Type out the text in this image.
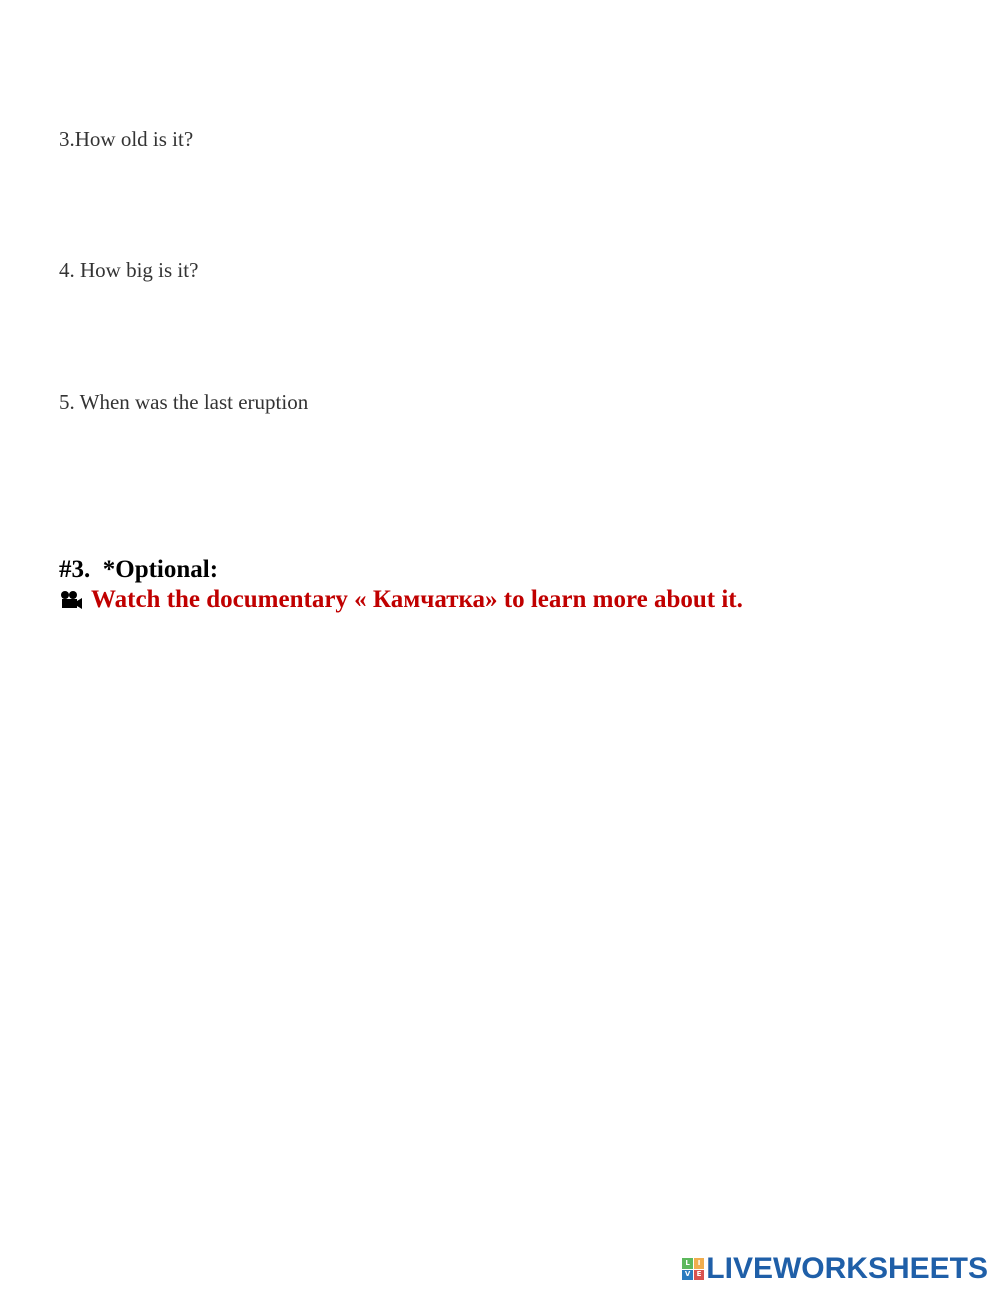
3.How old is it?
4. How big is it?
5. When was the last eruption
#3.  *Optional:
Watch the documentary « Камчатка» to learn more about it.
L	I
V E LIVEWORKSHEETS
